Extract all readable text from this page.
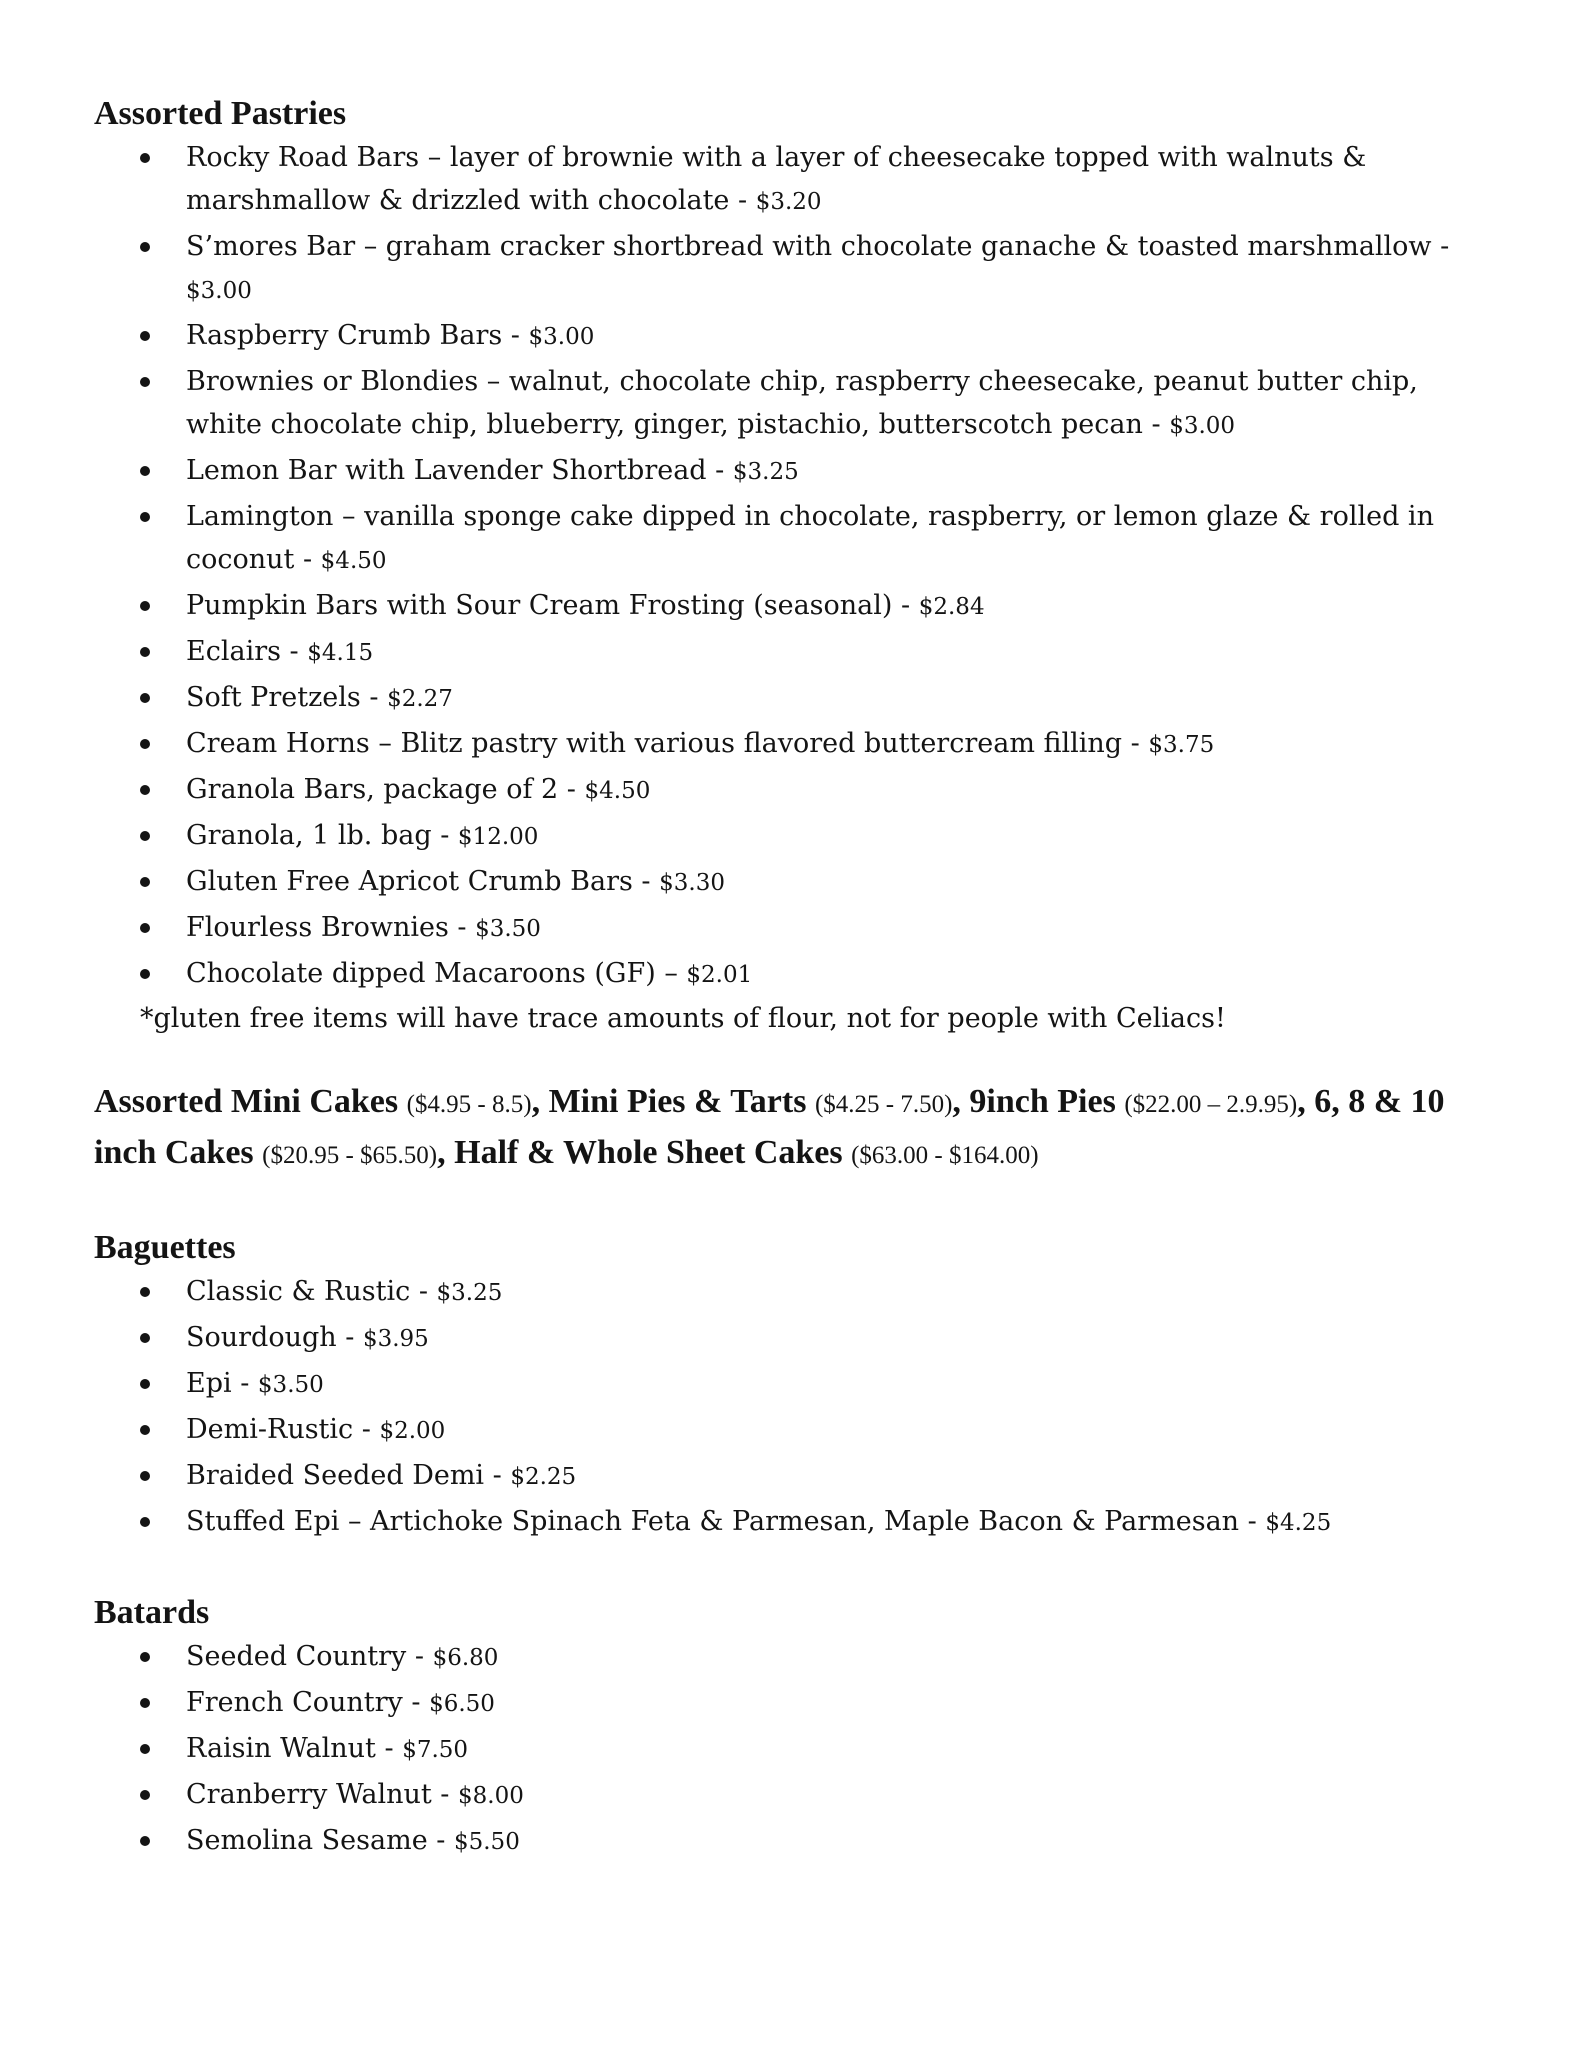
Assorted Pastries
Rocky Road Bars – layer of brownie with a layer of cheesecake topped with walnuts & marshmallow & drizzled with chocolate - $3.20
S’mores Bar – graham cracker shortbread with chocolate ganache & toasted marshmallow - $3.00
Raspberry Crumb Bars - $3.00
Brownies or Blondies – walnut, chocolate chip, raspberry cheesecake, peanut butter chip, white chocolate chip, blueberry, ginger, pistachio, butterscotch pecan - $3.00
Lemon Bar with Lavender Shortbread - $3.25
Lamington – vanilla sponge cake dipped in chocolate, raspberry, or lemon glaze & rolled in coconut - $4.50
Pumpkin Bars with Sour Cream Frosting (seasonal) - $2.84
Eclairs - $4.15
Soft Pretzels - $2.27
Cream Horns – Blitz pastry with various flavored buttercream filling - $3.75
Granola Bars, package of 2 - $4.50
Granola, 1 lb. bag - $12.00
Gluten Free Apricot Crumb Bars - $3.30
Flourless Brownies - $3.50
Chocolate dipped Macaroons (GF) – $2.01

*gluten free items will have trace amounts of flour, not for people with Celiacs!

Assorted Mini Cakes ($4.95 - 8.5), Mini Pies & Tarts ($4.25 - 7.50), 9inch Pies ($22.00 – 2.9.95), 6, 8 & 10 inch Cakes ($20.95 - $65.50), Half & Whole Sheet Cakes ($63.00 - $164.00)

Baguettes
Classic & Rustic - $3.25
Sourdough - $3.95
Epi - $3.50
Demi-Rustic - $2.00
Braided Seeded Demi - $2.25
Stuffed Epi – Artichoke Spinach Feta & Parmesan, Maple Bacon & Parmesan - $4.25
Batards
Seeded Country - $6.80
French Country - $6.50
Raisin Walnut - $7.50
Cranberry Walnut - $8.00
Semolina Sesame - $5.50
